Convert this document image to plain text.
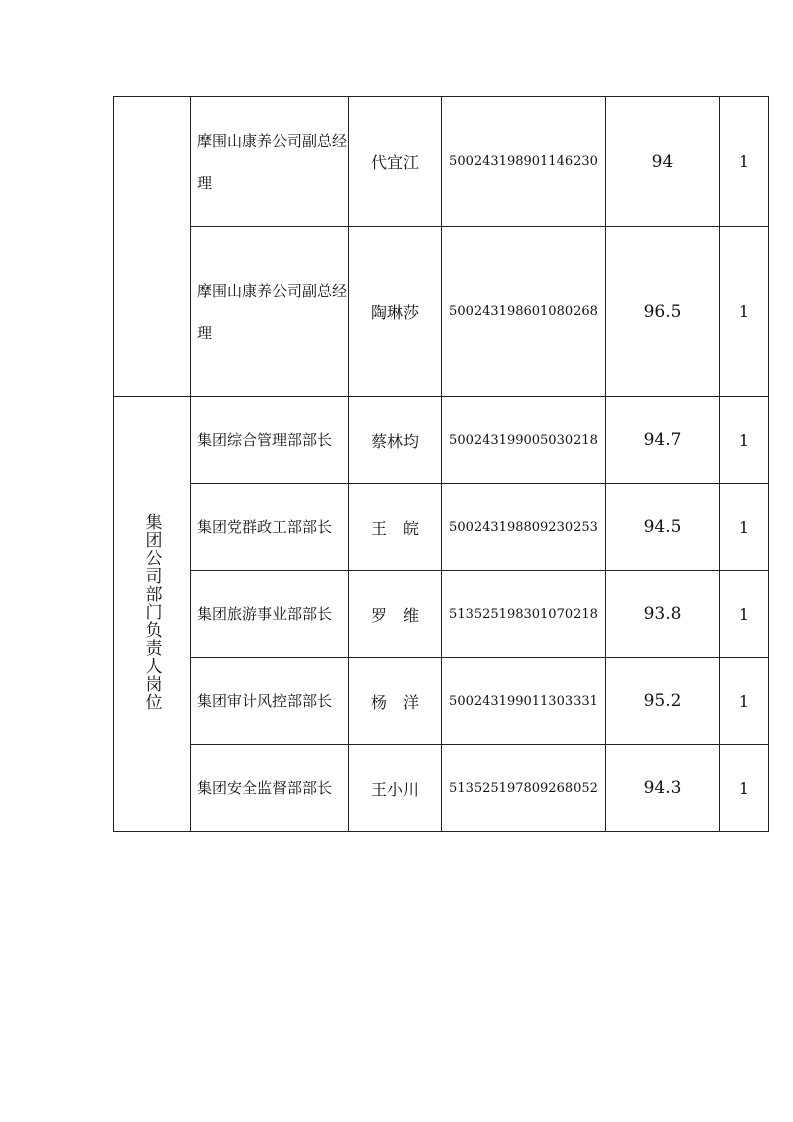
	摩围山康养公司副总经理	代宜江	500243198901146230	94	1

	摩围山康养公司副总经理	陶琳莎	500243198601080268	96.5	1
集团公司部门负责人岗位	集团综合管理部部长	蔡林均	500243199005030218	94.7	1

	集团党群政工部部长	王　皖	500243198809230253	94.5	1

	集团旅游事业部部长	罗　维	513525198301070218	93.8	1

	集团审计风控部部长	杨　洋	500243199011303331	95.2	1

	集团安全监督部部长	王小川	513525197809268052	94.3	1
